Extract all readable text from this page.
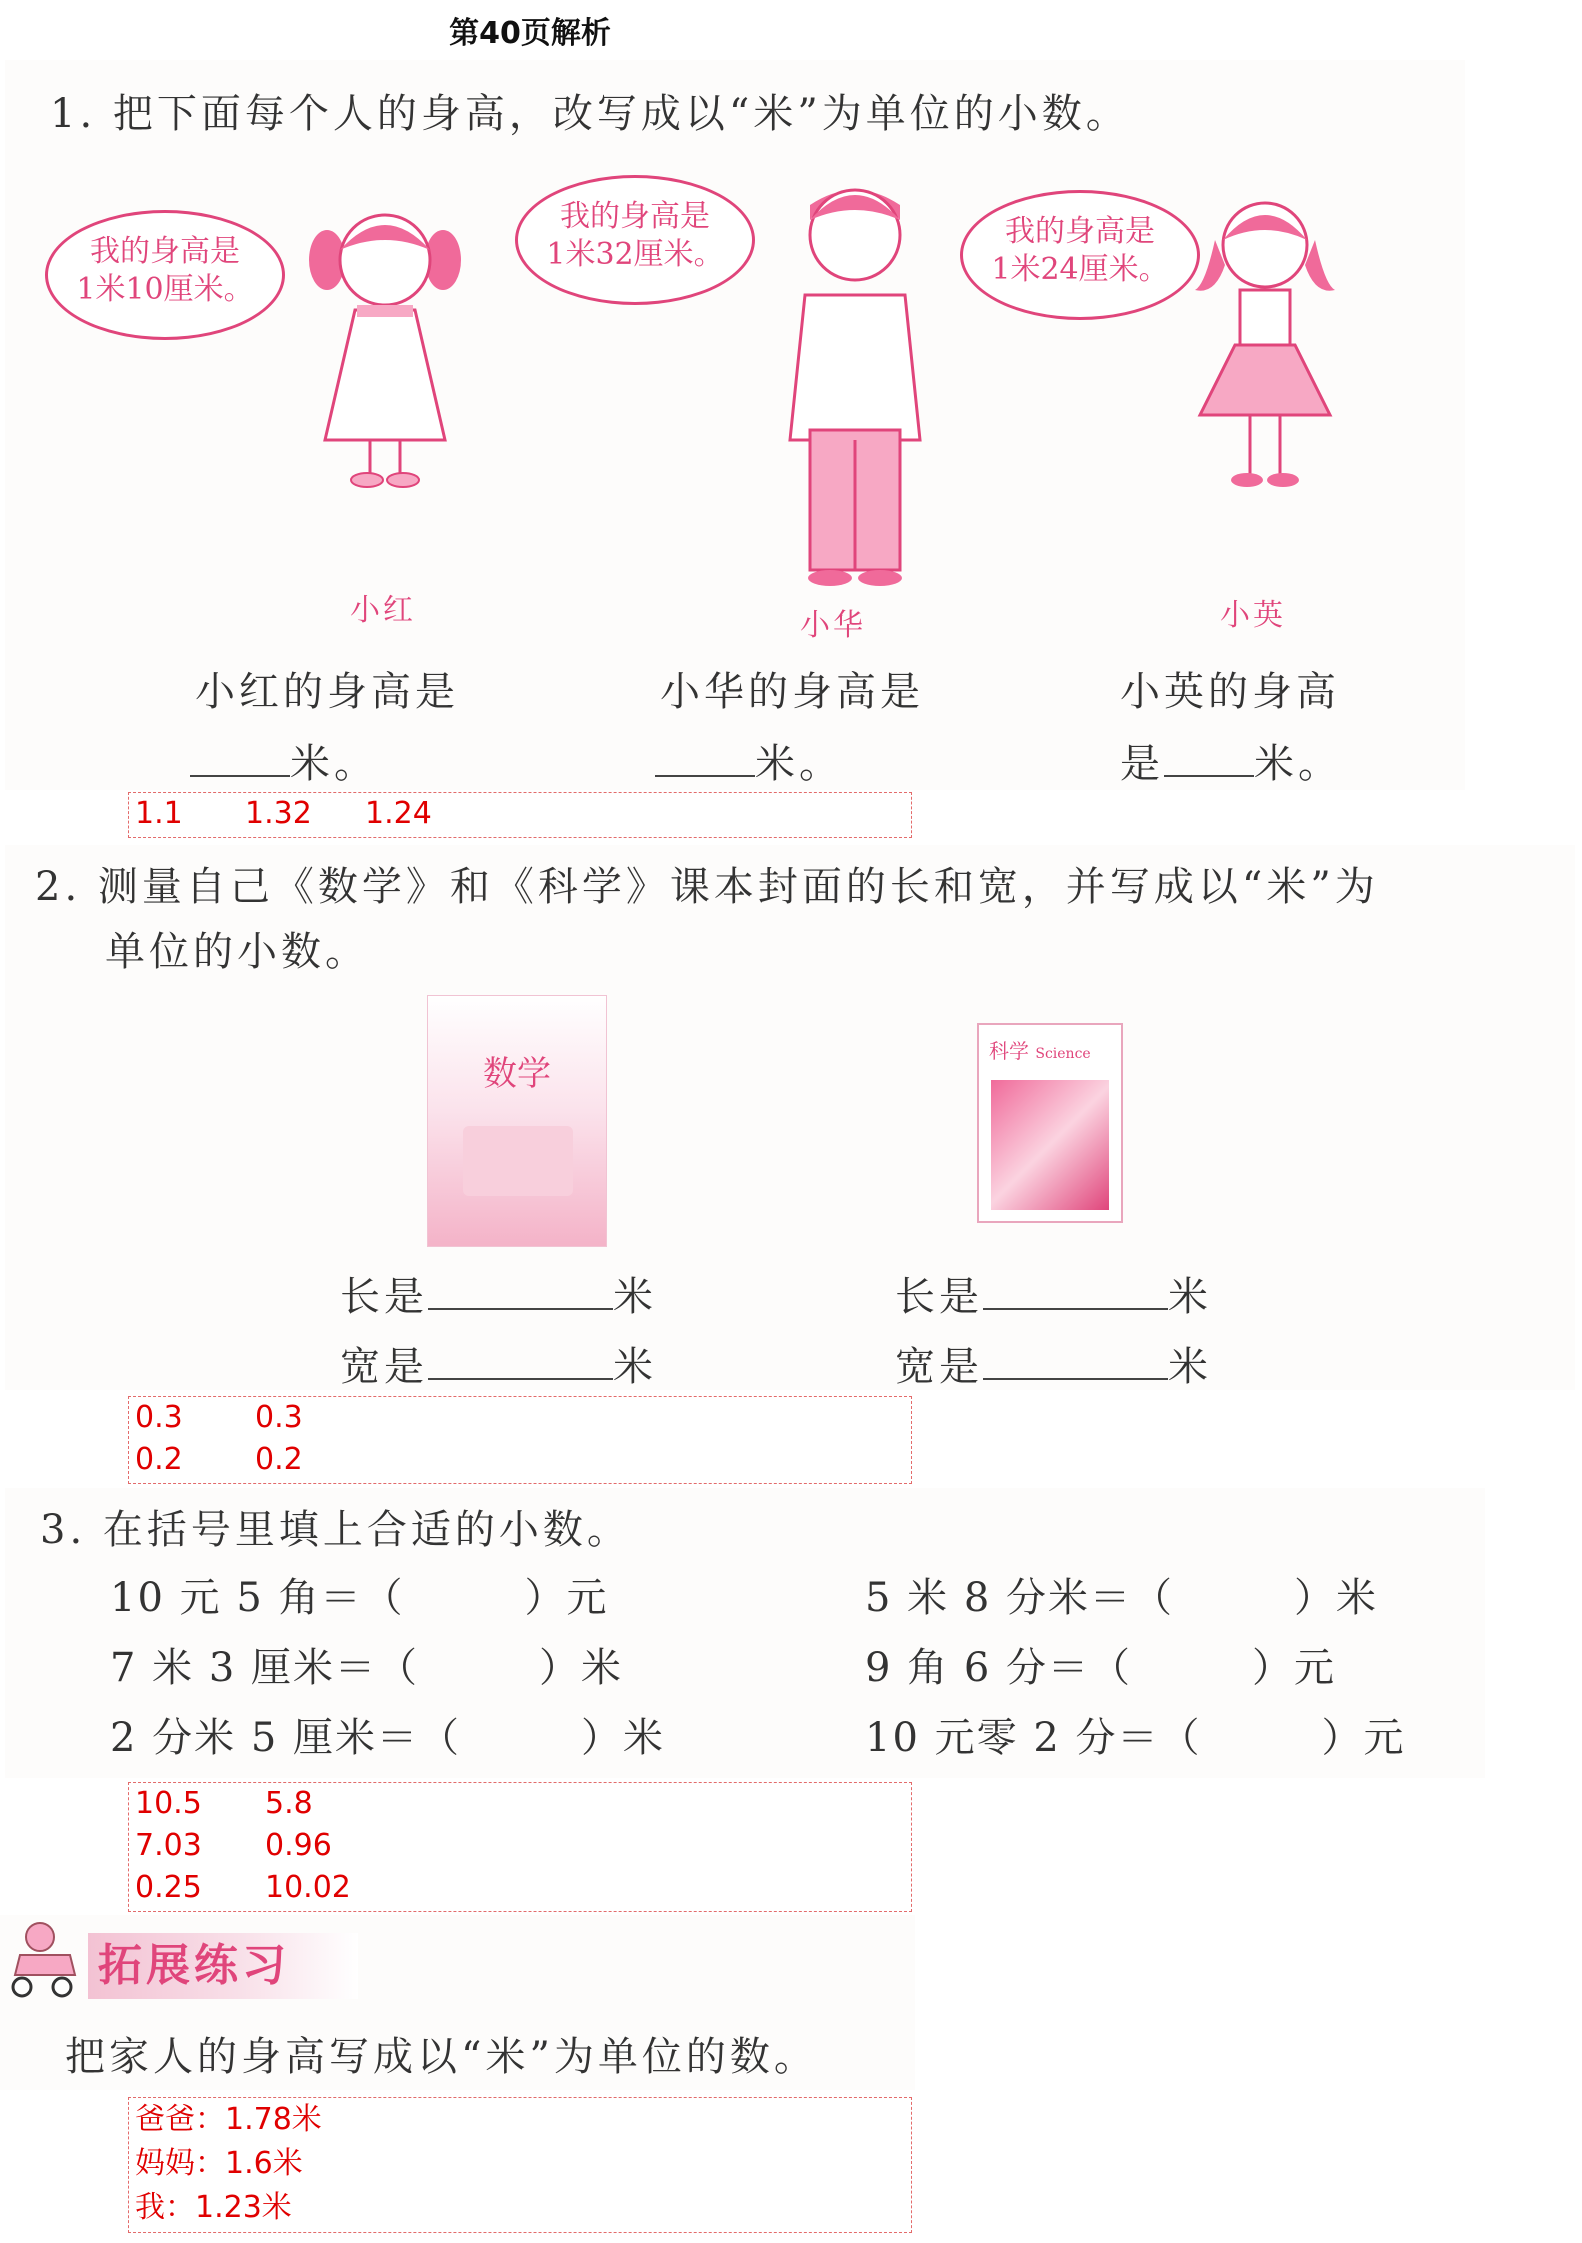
第40页解析
1. 把下面每个人的身高，改写成以“米”为单位的小数。
我的身高是
1米10厘米。
小红
我的身高是
1米32厘米。
小华
我的身高是
1米24厘米。
小英
小红的身高是
米。
小华的身高是
米。
小英的身高
是 米。
1.1 1.32 1.24
2. 测量自己《数学》和《科学》课本封面的长和宽，并写成以“米”为
单位的小数。
数学
科学 Science
长是	米
宽是	米
长是	米
宽是	米
0.3 0.3
0.2 0.2
3. 在括号里填上合适的小数。
10 元 5 角＝（	）元	5 米 8 分米＝（	）米
7 米 3 厘米＝（	）米	9 角 6 分＝（	）元
2 分米 5 厘米＝（	）米	10 元零 2 分＝（	）元
10.5 5.8
7.03 0.96
0.25 10.02
拓展练习
把家人的身高写成以“米”为单位的数。
爸爸：1.78米
妈妈：1.6米
我：1.23米
